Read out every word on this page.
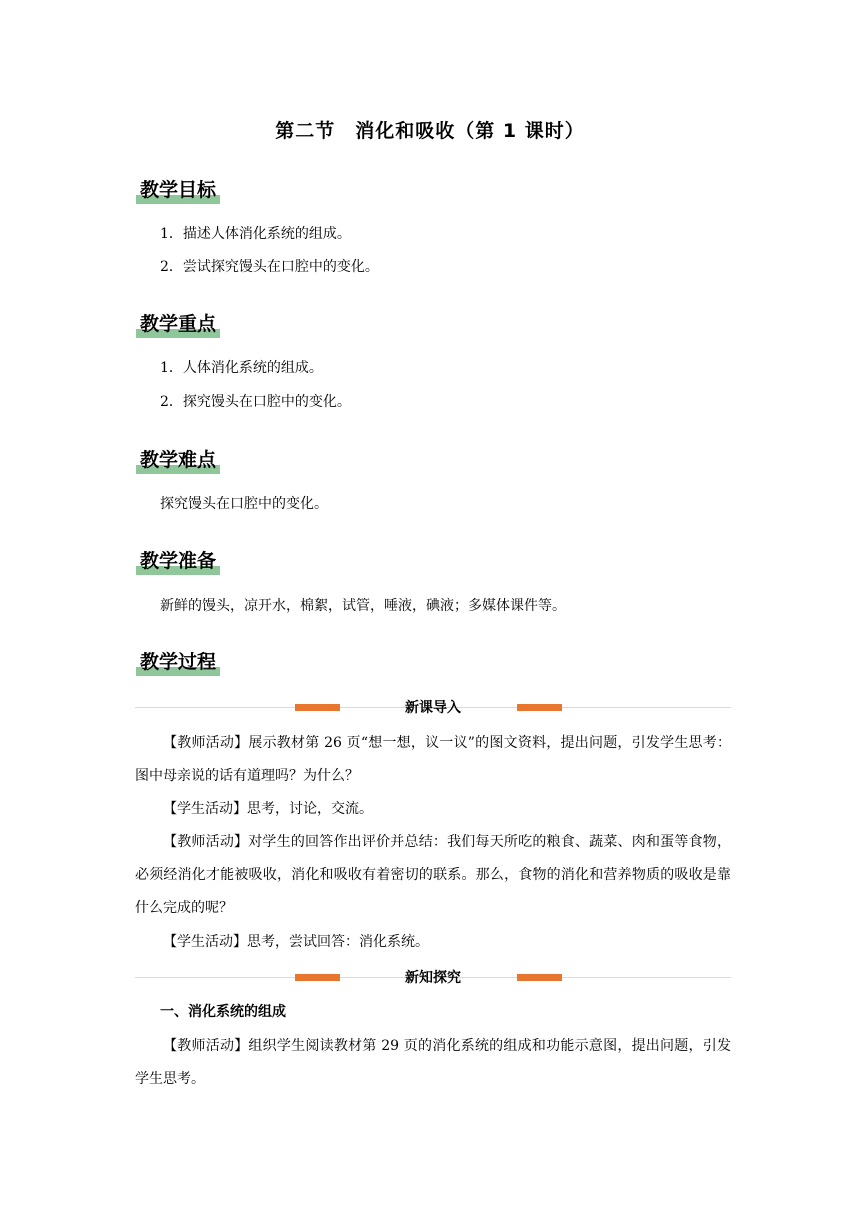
第二节　消化和吸收（第 1 课时）
教学目标
1．描述人体消化系统的组成。
2．尝试探究馒头在口腔中的变化。
教学重点
1．人体消化系统的组成。
2．探究馒头在口腔中的变化。
教学难点
探究馒头在口腔中的变化。
教学准备
新鲜的馒头，凉开水，棉絮，试管，唾液，碘液；多媒体课件等。
教学过程
新课导入
【教师活动】展示教材第 26 页“想一想，议一议”的图文资料，提出问题，引发学生思考：图中母亲说的话有道理吗？为什么？
【学生活动】思考，讨论，交流。
【教师活动】对学生的回答作出评价并总结：我们每天所吃的粮食、蔬菜、肉和蛋等食物，必须经消化才能被吸收，消化和吸收有着密切的联系。那么，食物的消化和营养物质的吸收是靠什么完成的呢？
【学生活动】思考，尝试回答：消化系统。
新知探究
一、消化系统的组成
【教师活动】组织学生阅读教材第 29 页的消化系统的组成和功能示意图，提出问题，引发学生思考。
